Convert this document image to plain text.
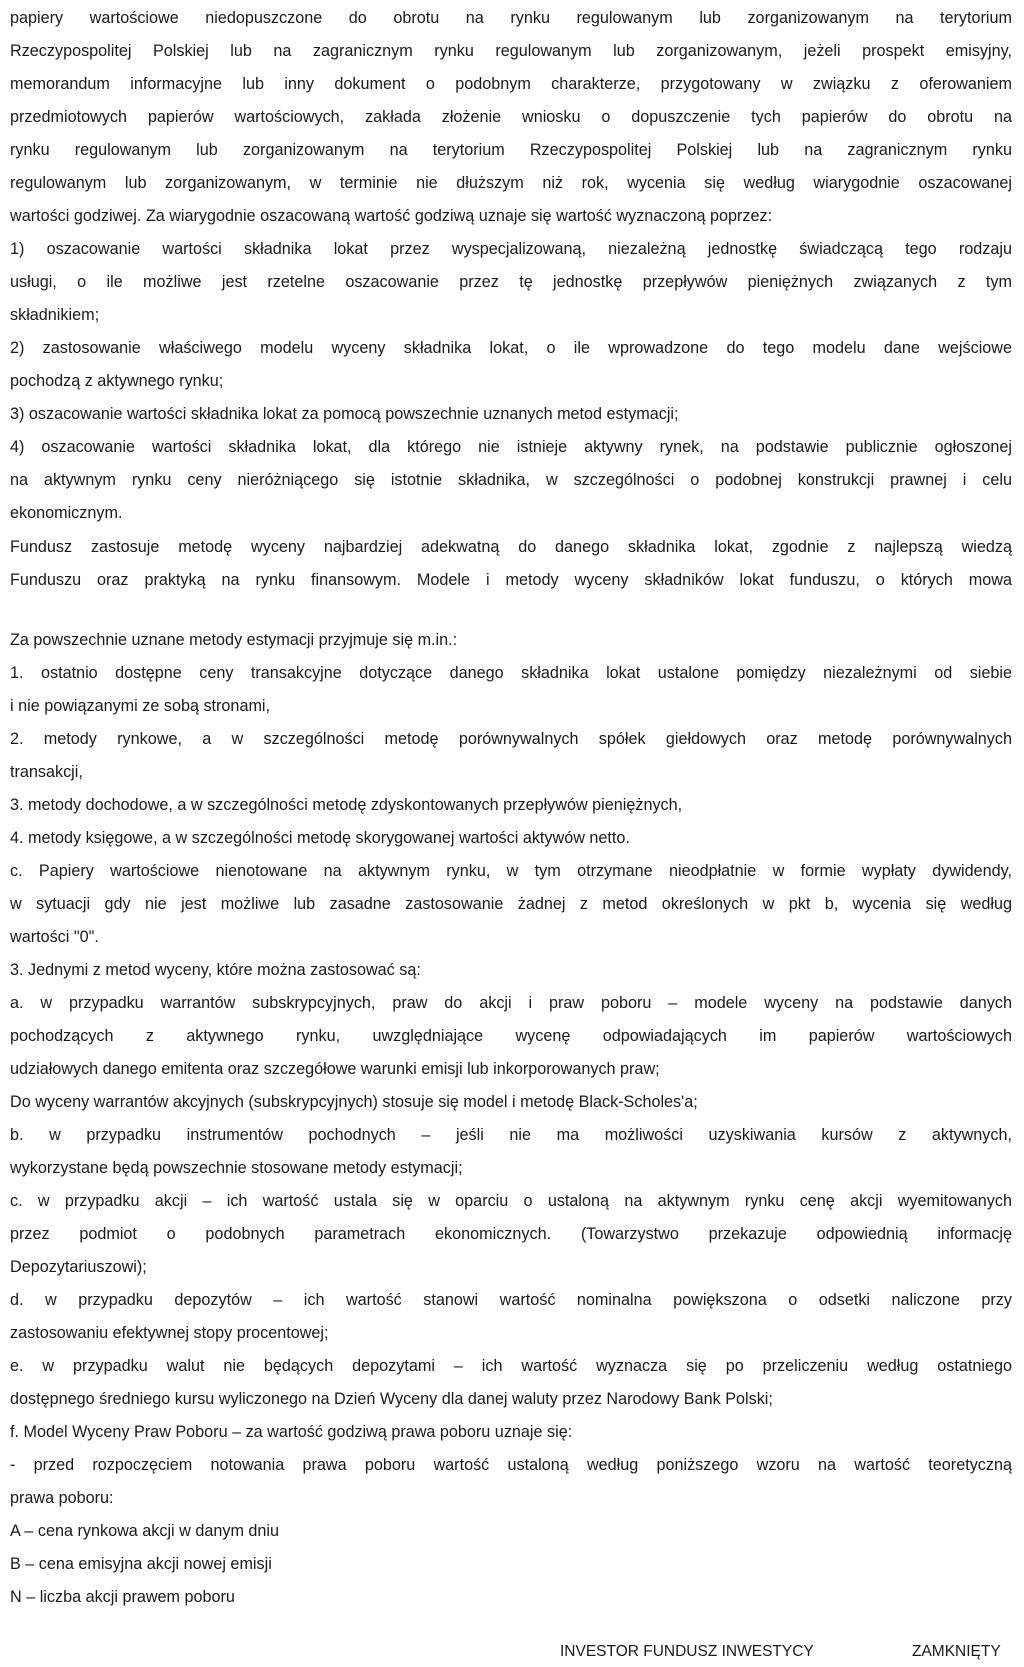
papiery wartościowe niedopuszczone do obrotu na rynku regulowanym lub zorganizowanym na terytorium
Rzeczypospolitej Polskiej lub na zagranicznym rynku regulowanym lub zorganizowanym, jeżeli prospekt emisyjny,
memorandum informacyjne lub inny dokument o podobnym charakterze, przygotowany w związku z oferowaniem
przedmiotowych papierów wartościowych, zakłada złożenie wniosku o dopuszczenie tych papierów do obrotu na
rynku regulowanym lub zorganizowanym na terytorium Rzeczypospolitej Polskiej lub na zagranicznym rynku
regulowanym lub zorganizowanym, w terminie nie dłuższym niż rok, wycenia się według wiarygodnie oszacowanej
wartości godziwej. Za wiarygodnie oszacowaną wartość godziwą uznaje się wartość wyznaczoną poprzez:
1) oszacowanie wartości składnika lokat przez wyspecjalizowaną, niezależną jednostkę świadczącą tego rodzaju
usługi, o ile możliwe jest rzetelne oszacowanie przez tę jednostkę przepływów pieniężnych związanych z tym
składnikiem;
2) zastosowanie właściwego modelu wyceny składnika lokat, o ile wprowadzone do tego modelu dane wejściowe
pochodzą z aktywnego rynku;
3) oszacowanie wartości składnika lokat za pomocą powszechnie uznanych metod estymacji;
4) oszacowanie wartości składnika lokat, dla którego nie istnieje aktywny rynek, na podstawie publicznie ogłoszonej
na aktywnym rynku ceny nieróżniącego się istotnie składnika, w szczególności o podobnej konstrukcji prawnej i celu
ekonomicznym.
Fundusz zastosuje metodę wyceny najbardziej adekwatną do danego składnika lokat, zgodnie z najlepszą wiedzą
Funduszu oraz praktyką na rynku finansowym. Modele i metody wyceny składników lokat funduszu, o których mowa
Za powszechnie uznane metody estymacji przyjmuje się m.in.:
1. ostatnio dostępne ceny transakcyjne dotyczące danego składnika lokat ustalone pomiędzy niezależnymi od siebie
i nie powiązanymi ze sobą stronami,
2. metody rynkowe, a w szczególności metodę porównywalnych spółek giełdowych oraz metodę porównywalnych
transakcji,
3. metody dochodowe, a w szczególności metodę zdyskontowanych przepływów pieniężnych,
4. metody księgowe, a w szczególności metodę skorygowanej wartości aktywów netto.
c. Papiery wartościowe nienotowane na aktywnym rynku, w tym otrzymane nieodpłatnie w formie wypłaty dywidendy,
w sytuacji gdy nie jest możliwe lub zasadne zastosowanie żadnej z metod określonych w pkt b, wycenia się według
wartości "0".
3. Jednymi z metod wyceny, które można zastosować są:
a. w przypadku warrantów subskrypcyjnych, praw do akcji i praw poboru – modele wyceny na podstawie danych
pochodzących z aktywnego rynku, uwzględniające wycenę odpowiadających im papierów wartościowych
udziałowych danego emitenta oraz szczegółowe warunki emisji lub inkorporowanych praw;
Do wyceny warrantów akcyjnych (subskrypcyjnych) stosuje się model i metodę Black-Scholes'a;
b. w przypadku instrumentów pochodnych – jeśli nie ma możliwości uzyskiwania kursów z aktywnych,
wykorzystane będą powszechnie stosowane metody estymacji;
c. w przypadku akcji – ich wartość ustala się w oparciu o ustaloną na aktywnym rynku cenę akcji wyemitowanych
przez podmiot o podobnych parametrach ekonomicznych. (Towarzystwo przekazuje odpowiednią informację
Depozytariuszowi);
d. w przypadku depozytów – ich wartość stanowi wartość nominalna powiększona o odsetki naliczone przy
zastosowaniu efektywnej stopy procentowej;
e. w przypadku walut nie będących depozytami – ich wartość wyznacza się po przeliczeniu według ostatniego
dostępnego średniego kursu wyliczonego na Dzień Wyceny dla danej waluty przez Narodowy Bank Polski;
f. Model Wyceny Praw Poboru – za wartość godziwą prawa poboru uznaje się:
- przed rozpoczęciem notowania prawa poboru wartość ustaloną według poniższego wzoru na wartość teoretyczną
prawa poboru:
A – cena rynkowa akcji w danym dniu
B – cena emisyjna akcji nowej emisji
N – liczba akcji prawem poboru
INVESTOR FUNDUSZ INWESTYCY	ZAMKNIĘTY
